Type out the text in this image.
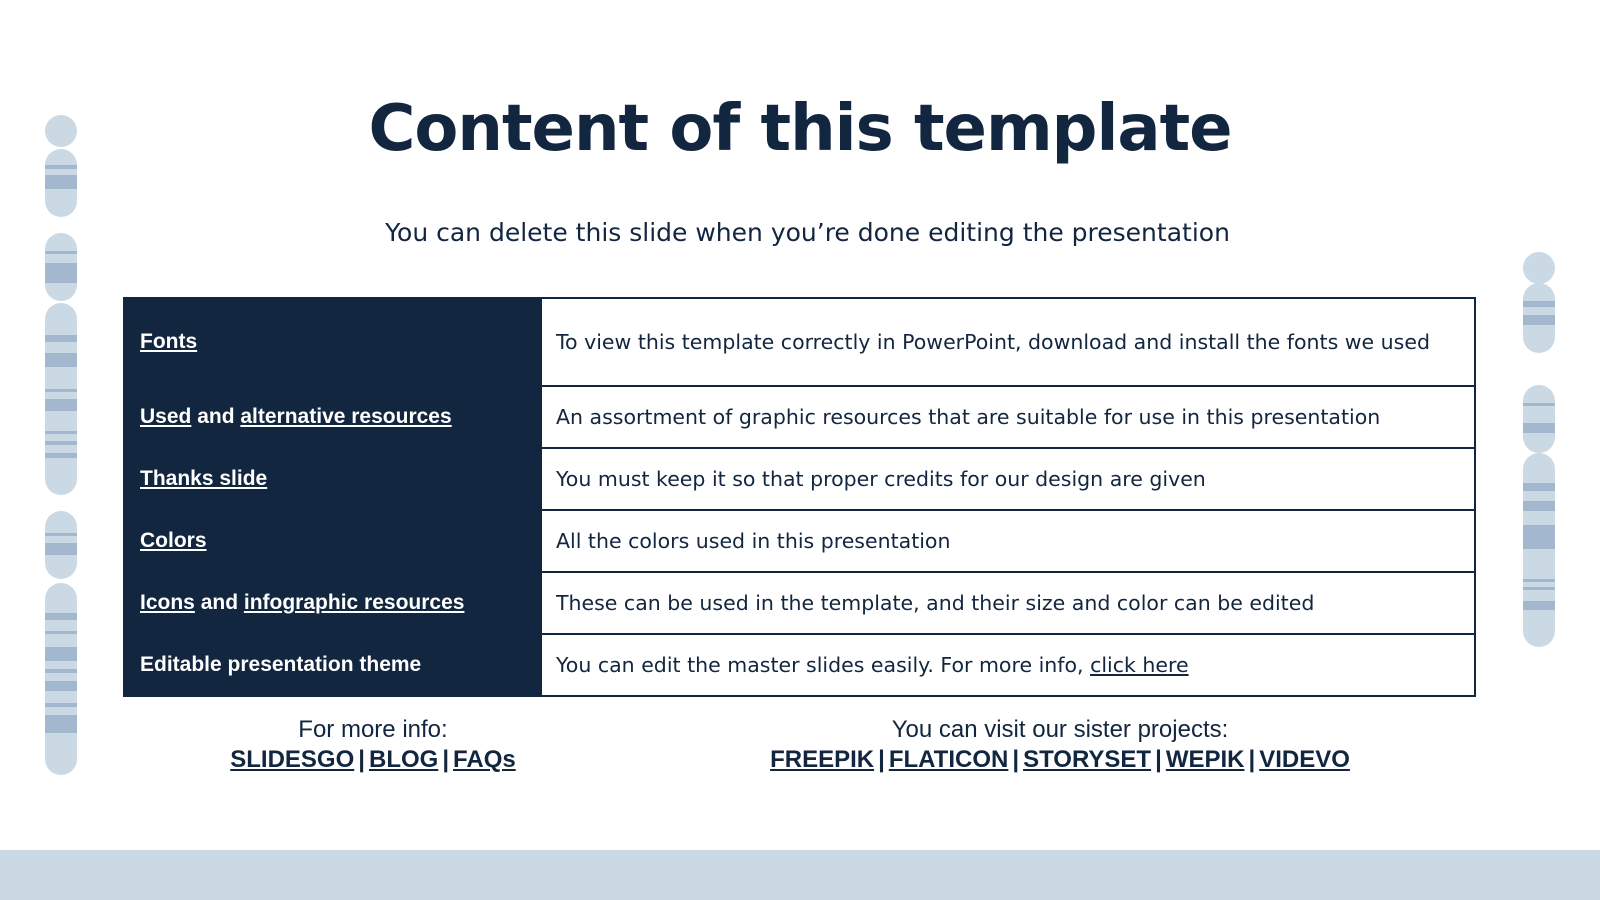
Content of this template
You can delete this slide when you’re done editing the presentation
Fonts	To view this template correctly in PowerPoint, download and install the fonts we used
Used and alternative resources	An assortment of graphic resources that are suitable for use in this presentation
Thanks slide	You must keep it so that proper credits for our design are given
Colors	All the colors used in this presentation
Icons and infographic resources	These can be used in the template, and their size and color can be edited
Editable presentation theme	You can edit the master slides easily. For more info, click here
For more info:
SLIDESGO | BLOG | FAQs
You can visit our sister projects:
FREEPIK | FLATICON | STORYSET | WEPIK | VIDEVO
